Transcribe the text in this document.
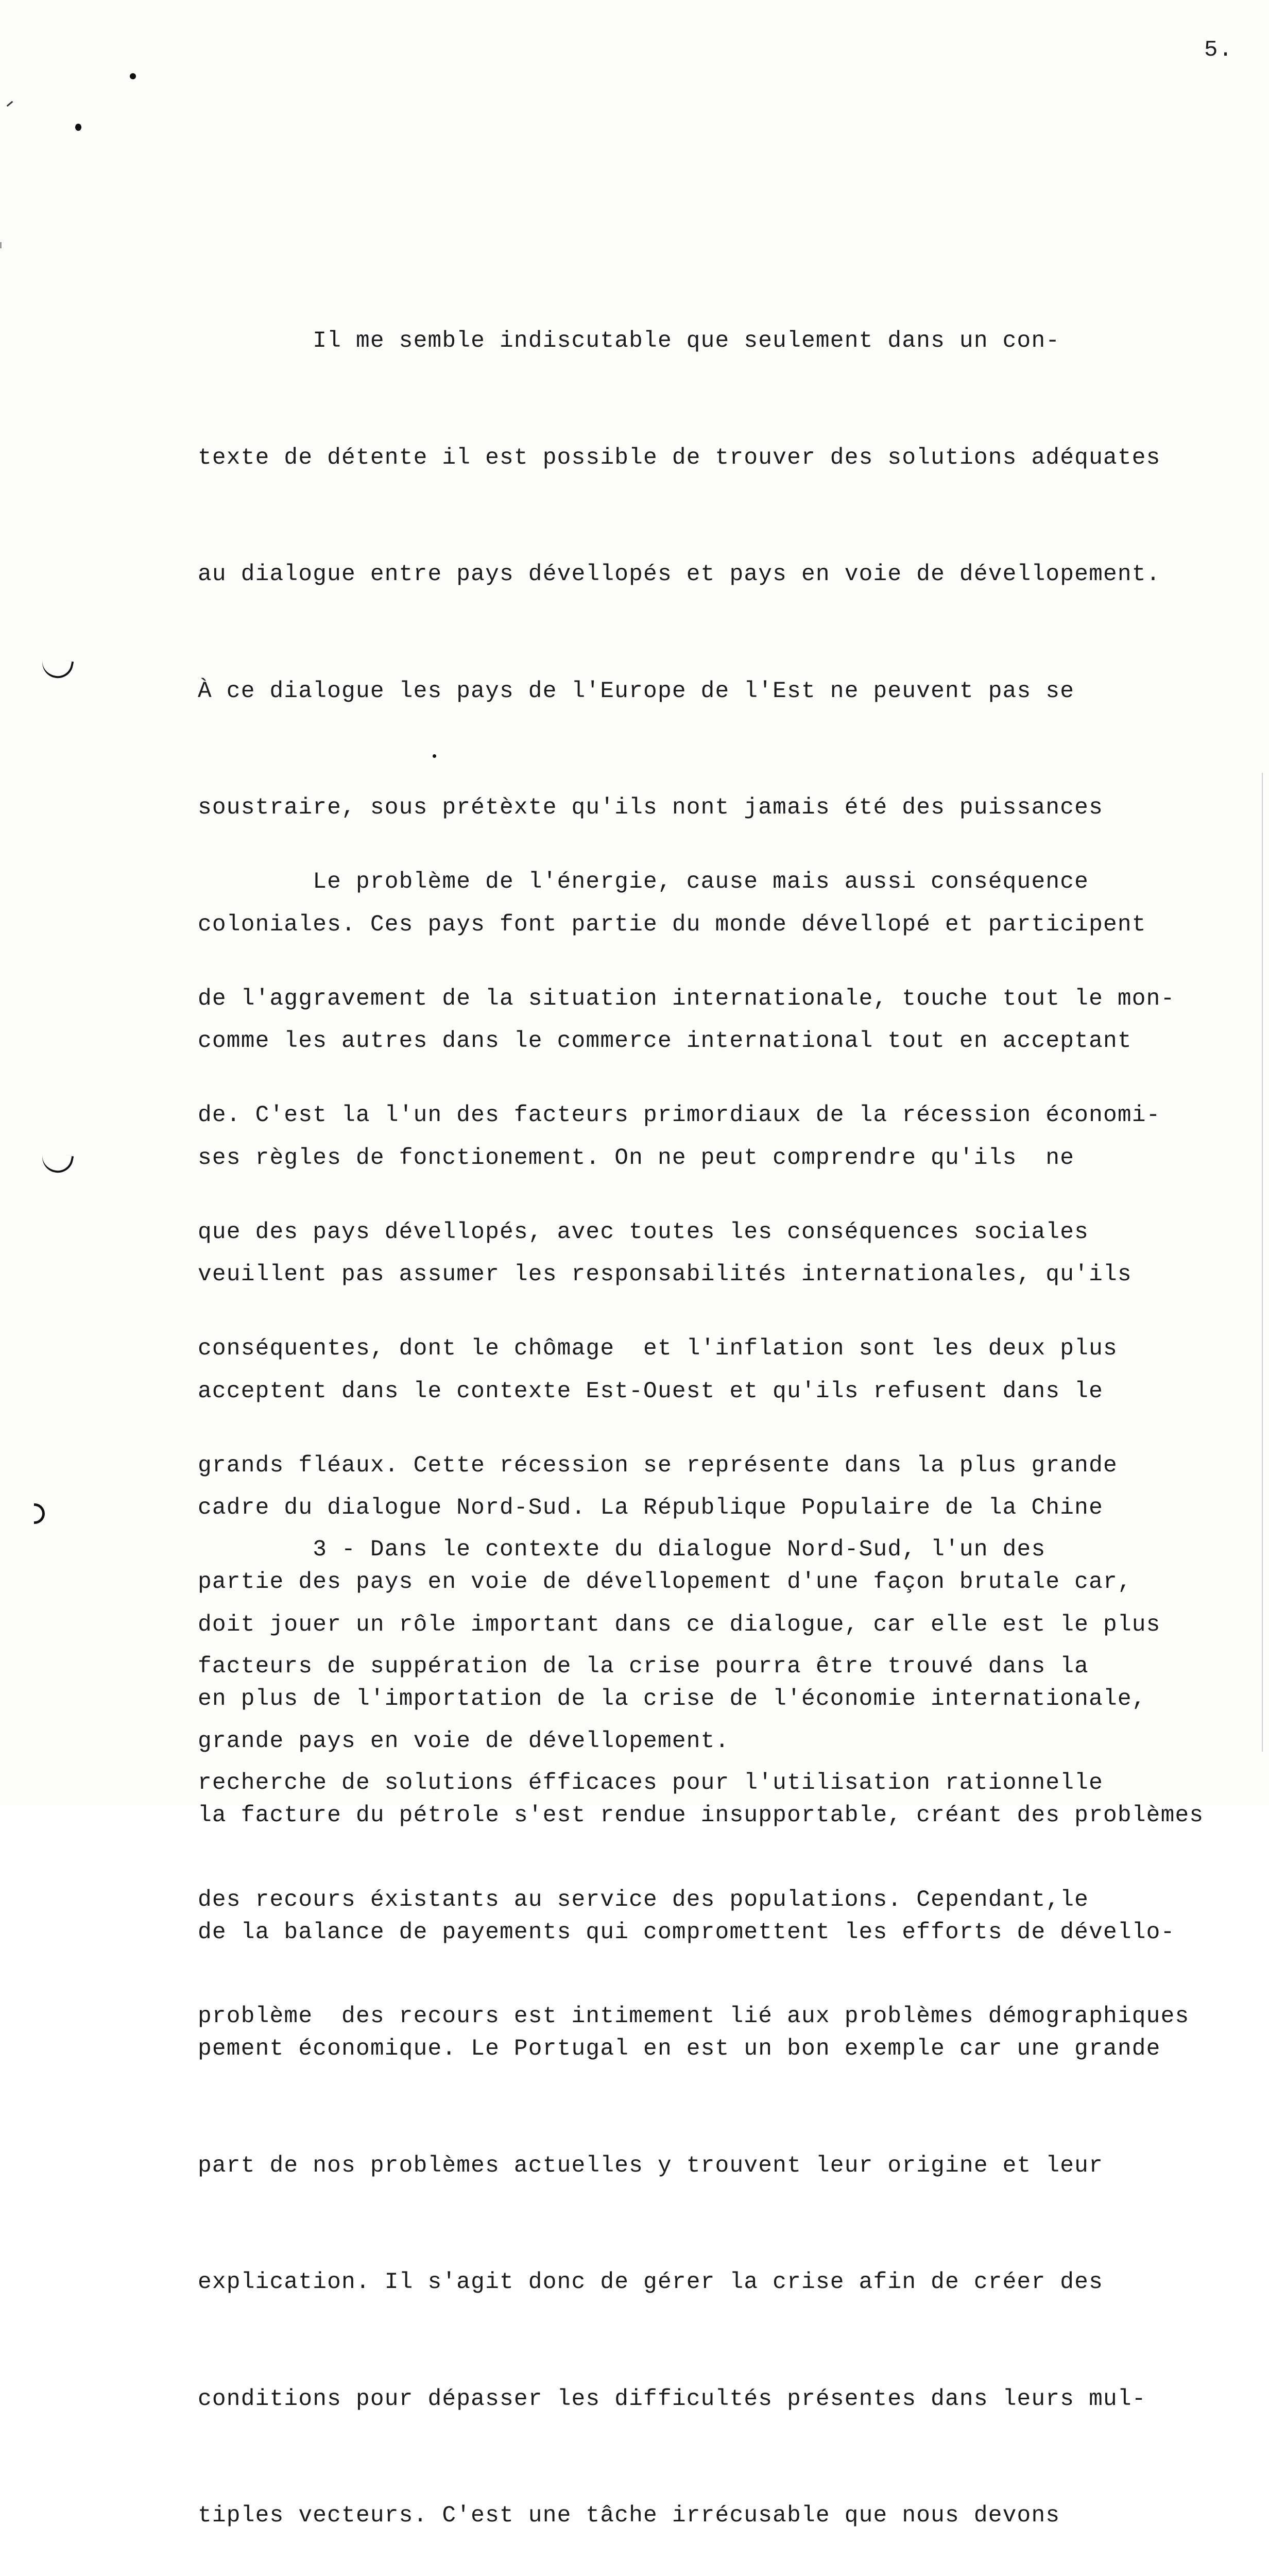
5.

Il me semble indiscutable que seulement dans un con-

texte de détente il est possible de trouver des solutions adéquates

au dialogue entre pays dévellopés et pays en voie de dévellopement.

À ce dialogue les pays de l'Europe de l'Est ne peuvent pas se

soustraire, sous prétèxte qu'ils nont jamais été des puissances

coloniales. Ces pays font partie du monde dévellopé et participent

comme les autres dans le commerce international tout en acceptant

ses règles de fonctionement. On ne peut comprendre qu'ils  ne

veuillent pas assumer les responsabilités internationales, qu'ils

acceptent dans le contexte Est-Ouest et qu'ils refusent dans le

cadre du dialogue Nord-Sud. La République Populaire de la Chine

doit jouer un rôle important dans ce dialogue, car elle est le plus

grande pays en voie de dévellopement.

Le problème de l'énergie, cause mais aussi conséquence

de l'aggravement de la situation internationale, touche tout le mon-

de. C'est la l'un des facteurs primordiaux de la récession économi-

que des pays dévellopés, avec toutes les conséquences sociales

conséquentes, dont le chômage  et l'inflation sont les deux plus

grands fléaux. Cette récession se représente dans la plus grande

partie des pays en voie de dévellopement d'une façon brutale car,

en plus de l'importation de la crise de l'économie internationale,

la facture du pétrole s'est rendue insupportable, créant des problèmes

de la balance de payements qui compromettent les efforts de dévello-

pement économique. Le Portugal en est un bon exemple car une grande

part de nos problèmes actuelles y trouvent leur origine et leur

explication. Il s'agit donc de gérer la crise afin de créer des

conditions pour dépasser les difficultés présentes dans leurs mul-

tiples vecteurs. C'est une tâche irrécusable que nous devons

3 - Dans le contexte du dialogue Nord-Sud, l'un des

facteurs de suppération de la crise pourra être trouvé dans la

recherche de solutions éfficaces pour l'utilisation rationnelle

des recours éxistants au service des populations. Cependant,le

problème  des recours est intimement lié aux problèmes démographiques
